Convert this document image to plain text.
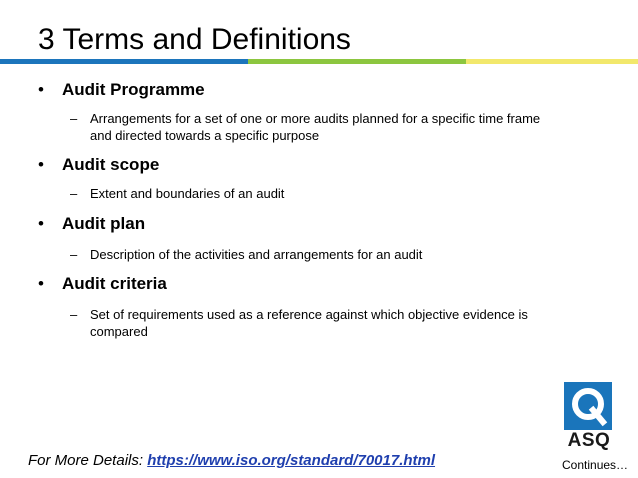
3 Terms and Definitions
• Audit Programme
– Arrangements for a set of one or more audits planned for a specific time frame
and directed towards a specific purpose
• Audit scope
– Extent and boundaries of an audit
• Audit plan
– Description of the activities and arrangements for an audit
• Audit criteria
– Set of requirements used as a reference against which objective evidence is
compared
ASQ
For More Details: https://www.iso.org/standard/70017.html	Continues…
